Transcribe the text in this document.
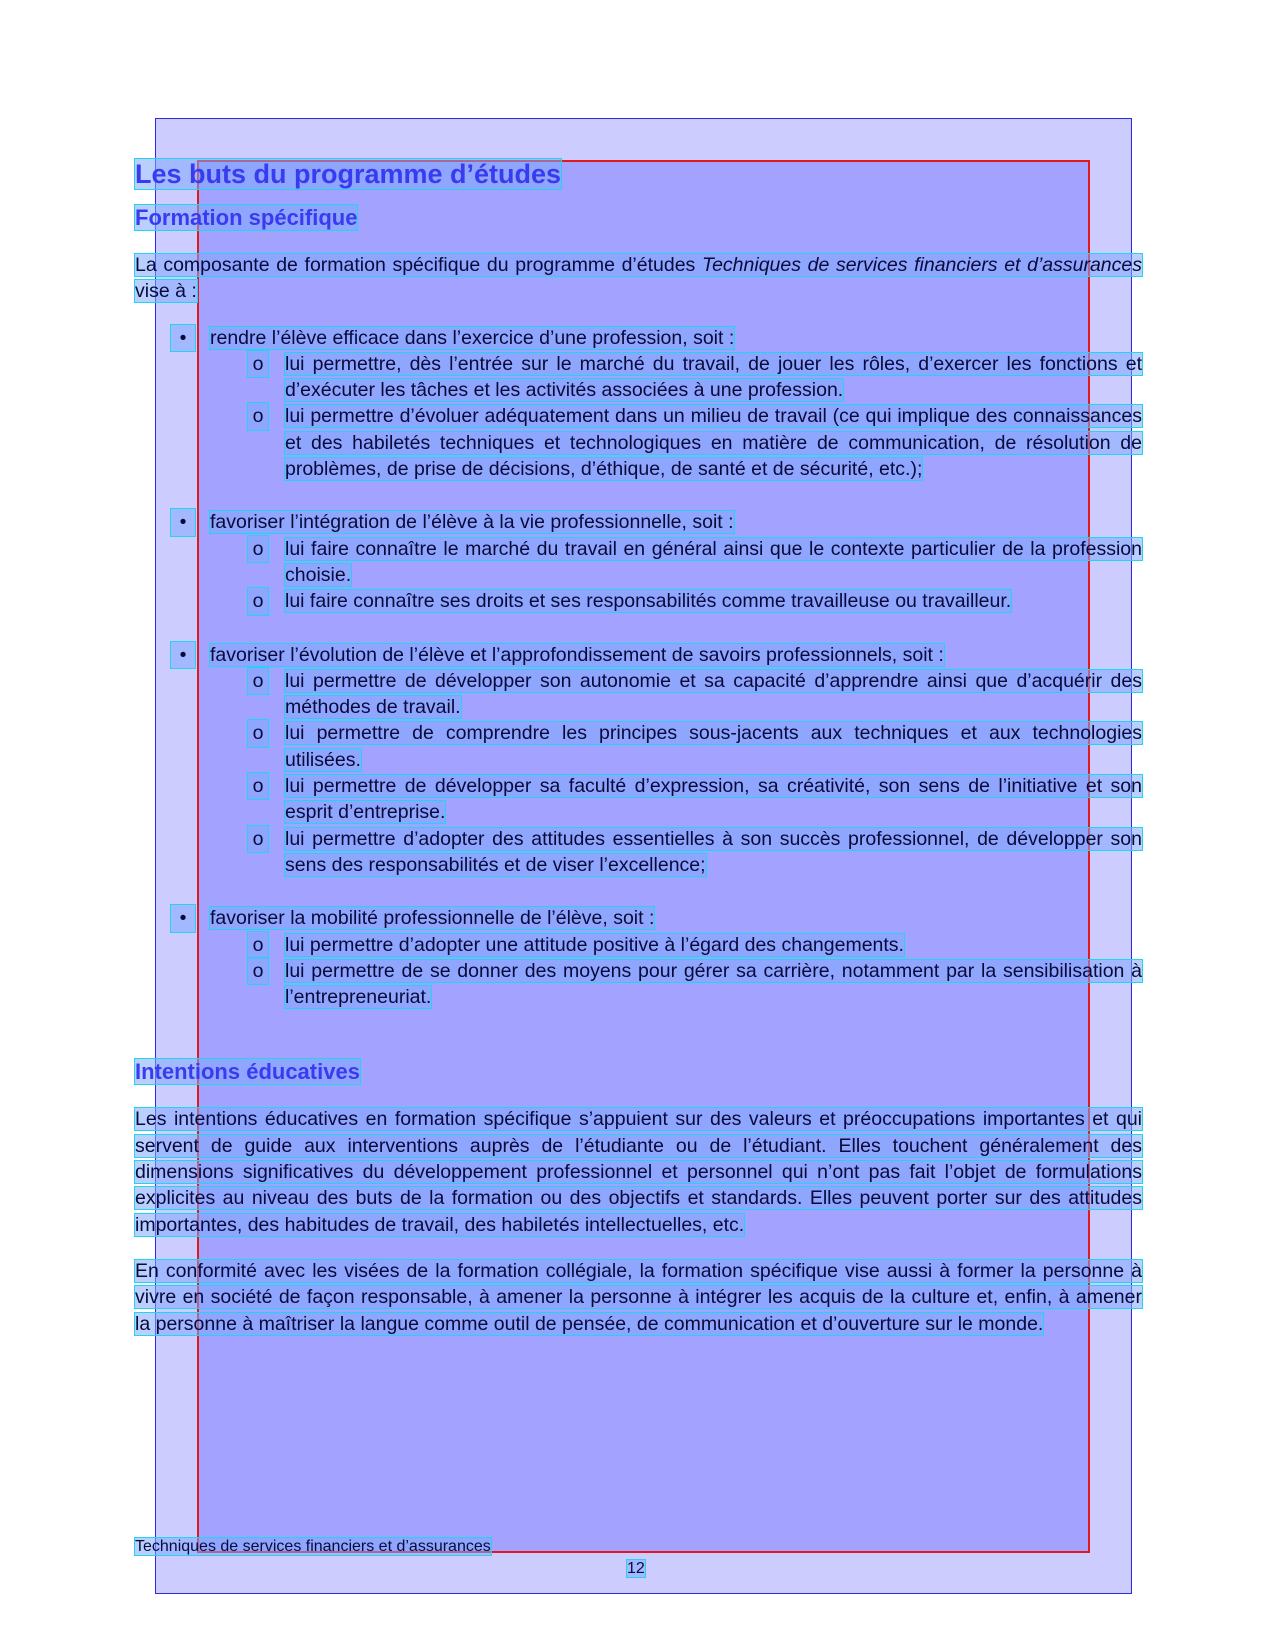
Les buts du programme d’études
Formation spécifique

La composante de formation spécifique du programme d’études Techniques de services financiers et d’assurances vise à :

•	rendre l’élève efficace dans l’exercice d’une profession, soit :
o lui permettre, dès l’entrée sur le marché du travail, de jouer les rôles, d’exercer les fonctions et d’exécuter les tâches et les activités associées à une profession.
o lui permettre d’évoluer adéquatement dans un milieu de travail (ce qui implique des connaissances et des habiletés techniques et technologiques en matière de communication, de résolution de problèmes, de prise de décisions, d’éthique, de santé et de sécurité, etc.);
•	favoriser l’intégration de l’élève à la vie professionnelle, soit :
o lui faire connaître le marché du travail en général ainsi que le contexte particulier de la profession choisie.
o lui faire connaître ses droits et ses responsabilités comme travailleuse ou travailleur.
•	favoriser l’évolution de l’élève et l’approfondissement de savoirs professionnels, soit :
o lui permettre de développer son autonomie et sa capacité d’apprendre ainsi que d’acquérir des méthodes de travail.
o lui permettre de comprendre les principes sous-jacents aux techniques et aux technologies utilisées.
o lui permettre de développer sa faculté d’expression, sa créativité, son sens de l’initiative et son esprit d’entreprise.
o lui permettre d’adopter des attitudes essentielles à son succès professionnel, de développer son sens des responsabilités et de viser l’excellence;
•	favoriser la mobilité professionnelle de l’élève, soit :
o lui permettre d’adopter une attitude positive à l’égard des changements.
o lui permettre de se donner des moyens pour gérer sa carrière, notamment par la sensibilisation à l’entrepreneuriat.
Intentions éducatives

Les intentions éducatives en formation spécifique s’appuient sur des valeurs et préoccupations importantes et qui servent de guide aux interventions auprès de l’étudiante ou de l’étudiant. Elles touchent généralement des dimensions significatives du développement professionnel et personnel qui n’ont pas fait l’objet de formulations explicites au niveau des buts de la formation ou des objectifs et standards. Elles peuvent porter sur des attitudes importantes, des habitudes de travail, des habiletés intellectuelles, etc.

En conformité avec les visées de la formation collégiale, la formation spécifique vise aussi à former la personne à vivre en société de façon responsable, à amener la personne à intégrer les acquis de la culture et, enfin, à amener la personne à maîtriser la langue comme outil de pensée, de communication et d’ouverture sur le monde.

Techniques de services financiers et d’assurances
12
